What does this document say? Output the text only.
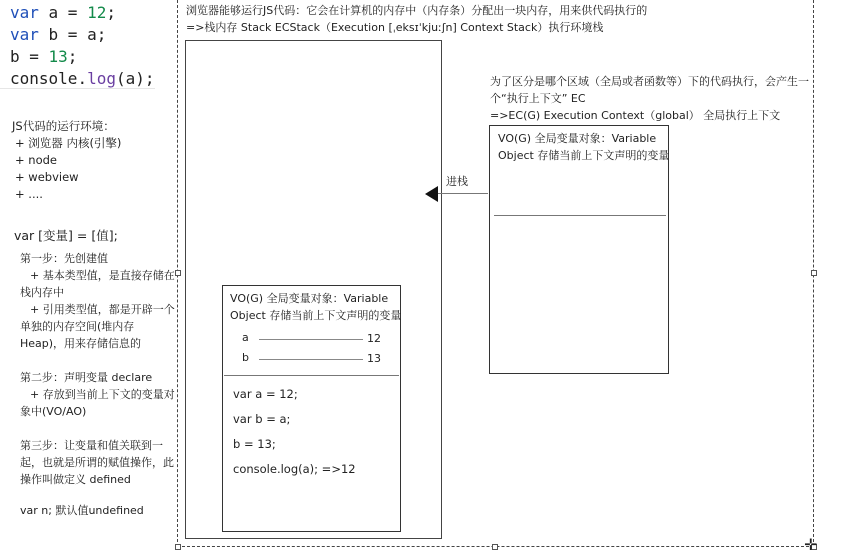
var a = 12;
var b = a;
b = 13;
console.log(a);
JS代码的运行环境：
+ 浏览器 内核(引擎)
+ node
+ webview
+ ....
var [变量] = [值];
第一步：先创建值
+ 基本类型值，是直接存储在
栈内存中
+ 引用类型值，都是开辟一个
单独的内存空间(堆内存
Heap)，用来存储信息的
第二步：声明变量 declare
+ 存放到当前上下文的变量对
象中(VO/AO)
第三步：让变量和值关联到一
起，也就是所谓的赋值操作，此
操作叫做定义 defined
var n; 默认值undefined
✛
浏览器能够运行JS代码：它会在计算机的内存中（内存条）分配出一块内存，用来供代码执行的
=>栈内存 Stack ECStack（Execution [ˌeksɪˈkjuːʃn] Context Stack）执行环境栈
为了区分是哪个区域（全局或者函数等）下的代码执行，会产生一
个“执行上下文” EC
=>EC(G) Execution Context（global） 全局执行上下文
VO(G) 全局变量对象：Variable
Object 存储当前上下文声明的变量
进栈
VO(G) 全局变量对象：Variable
Object 存储当前上下文声明的变量
a	12
b	13
var a = 12;
var b = a;
b = 13;
console.log(a); =>12
